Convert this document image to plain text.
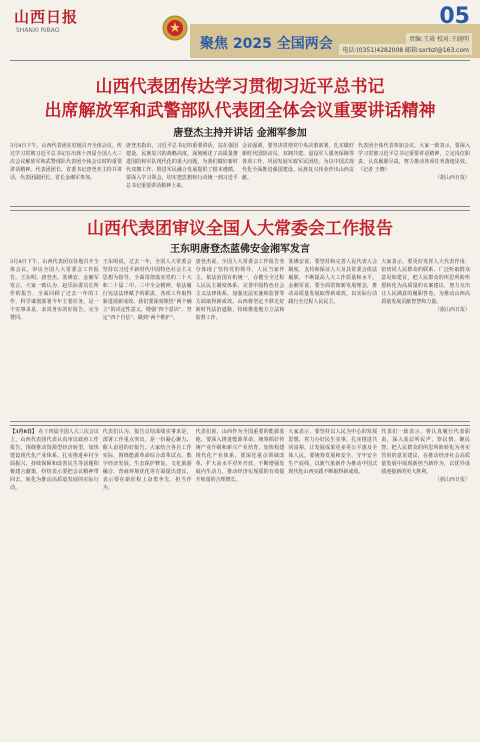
山西日报
SHANXI RIBAO
聚焦 2025 全国两会
05
责编:王琦 校对:王晓明
电话:(0351)4282008 邮箱:sxrbzl@163.com
山西代表团传达学习贯彻习近平总书记
出席解放军和武警部队代表团全体会议重要讲话精神
唐登杰主持并讲话 金湘军参加
3月8日下午，山西代表团在驻地召开全体会议，传达学习贯彻习近平总书记在出席十四届全国人大三次会议解放军和武警部队代表团全体会议时的重要讲话精神。代表团团长、省委书记唐登杰主持并讲话，代表团副团长、省长金湘军参加。
唐登杰指出，习近平总书记的重要讲话，站在强国建设、民族复兴的战略高度，深刻阐述了高质量推进国防和军队现代化的重大问题，为我们做好新时代双拥工作、推进军民融合发展提供了根本遵循。要深入学习领会，切实把思想和行动统一到习近平总书记重要讲话精神上来。
会议强调，要坚决贯彻党中央决策部署，扎实做好新时代国防动员、双拥共建、退役军人服务保障等各项工作，巩固发展军政军民团结，为以中国式现代化全面推进强国建设、民族复兴伟业作出山西贡献。
代表团全体代表参加会议。大家一致表示，要深入学习贯彻习近平总书记重要讲话精神，立足岗位职责，认真履职尽责，努力推动各项任务落地见效。（记者 王晓）
（据山西日报）
山西代表团审议全国人大常委会工作报告
王东明唐登杰蓝佛安金湘军发言
3月8日下午，山西代表团在驻地召开全体会议，审议全国人大常委会工作报告。王东明、唐登杰、蓝佛安、金湘军发言。大家一致认为，赵乐际委员长所作的报告，全面回顾了过去一年的工作，科学谋划部署今年主要任务，是一个实事求是、求真务实的好报告，完全赞同。
王东明说，过去一年，全国人大常委会坚持以习近平新时代中国特色社会主义思想为指导，全面贯彻落实党的二十大和二十届二中、三中全会精神，依法履行宪法法律赋予的职责，各项工作取得新进展新成效。我们要深刻领悟“两个确立”的决定性意义，增强“四个意识”、坚定“四个自信”、做到“两个维护”。
唐登杰说，全国人大常委会工作报告充分体现了坚持党的领导、人民当家作主、依法治国有机统一，在健全全过程人民民主制度体系、完善中国特色社会主义法律体系、加强宪法实施和监督等方面取得新成效。山西将坚定不移走好新时代法治道路，持续推进地方立法和监督工作。
蓝佛安说，要坚持和完善人民代表大会制度，支持和保证人大及其常委会依法履职，不断提高人大工作质量和水平。金湘军说，要全面贯彻新发展理念，推动高质量发展取得新成效，以实际行动践行全过程人民民主。
大家表示，要更好发挥人大代表作用，密切同人民群众的联系，广泛听取群众意见和建议，把人民群众的所思所盼所愿转化为高质量的议案建议，努力交出让人民满意的履职答卷，为推动山西高质量发展贡献智慧和力量。
（据山西日报）
【3月8日】 在十四届全国人大三次会议上，山西代表团代表认真审议政府工作报告，围绕推动资源型经济转型、加快建设现代化产业体系、扎实推进乡村全面振兴、持续保障和改善民生等话题积极建言献策，纷纷表示要把会议精神带回去，转化为推动高质量发展的实际行动。
代表们认为，报告总结成绩实事求是，部署工作重点突出，是一份凝心聚力、催人奋进的好报告。大家结合各自工作实际，围绕能源革命综合改革试点、数字经济发展、生态保护修复、文化旅游融合、营商环境优化等方面提出建议，表示要在新征程上奋勇争先、担当作为。
代表们说，山西作为全国重要的能源基地，要深入推进能源革命，统筹抓好传统产业升级和新兴产业培育，加快构建现代化产业体系。要深化重点领域改革，扩大高水平对外开放，不断增强发展内生动力，推动经济实现质的有效提升和量的合理增长。
大家表示，要坚持以人民为中心的发展思想，着力办好民生实事，扎实推进共同富裕，让发展成果更多更公平惠及全体人民。要统筹发展和安全，守牢安全生产底线，以新气象新作为推动中国式现代化山西实践不断取得新成效。
代表们一致表示，将认真履行代表职责，深入基层听民声、察民情、聚民智，把人民群众的所思所盼转化为务实管用的意见建议，在推动经济社会高质量发展中展现新担当新作为，以优异成绩迎接新的更大胜利。
（据山西日报）
